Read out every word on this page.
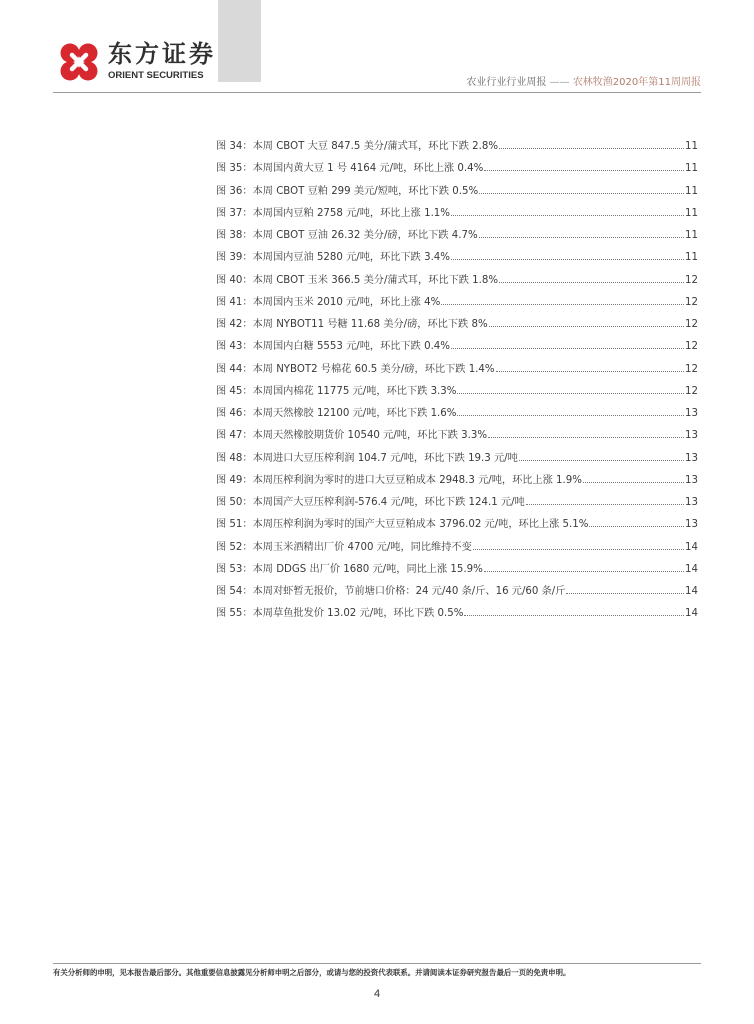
东方证券
ORIENT SECURITIES
农业行业行业周报 —— 农林牧渔2020年第11周周报
图 34：本周 CBOT 大豆 847.5 美分/蒲式耳，环比下跌 2.8%	11
图 35：本周国内黄大豆 1 号 4164 元/吨，环比上涨 0.4%	11
图 36：本周 CBOT 豆粕 299 美元/短吨，环比下跌 0.5%	11
图 37：本周国内豆粕 2758 元/吨，环比上涨 1.1%	11
图 38：本周 CBOT 豆油 26.32 美分/磅，环比下跌 4.7%	11
图 39：本周国内豆油 5280 元/吨，环比下跌 3.4%	11
图 40：本周 CBOT 玉米 366.5 美分/蒲式耳，环比下跌 1.8%	12
图 41：本周国内玉米 2010 元/吨，环比上涨 4%	12
图 42：本周 NYBOT11 号糖 11.68 美分/磅，环比下跌 8%	12
图 43：本周国内白糖 5553 元/吨，环比下跌 0.4%	12
图 44：本周 NYBOT2 号棉花 60.5 美分/磅，环比下跌 1.4%	12
图 45：本周国内棉花 11775 元/吨，环比下跌 3.3%	12
图 46：本周天然橡胶 12100 元/吨，环比下跌 1.6%	13
图 47：本周天然橡胶期货价 10540 元/吨，环比下跌 3.3%	13
图 48：本周进口大豆压榨利润 104.7 元/吨，环比下跌 19.3 元/吨	13
图 49：本周压榨利润为零时的进口大豆豆粕成本 2948.3 元/吨，环比上涨 1.9%	13
图 50：本周国产大豆压榨利润-576.4 元/吨，环比下跌 124.1 元/吨	13
图 51：本周压榨利润为零时的国产大豆豆粕成本 3796.02 元/吨，环比上涨 5.1%	13
图 52：本周玉米酒精出厂价 4700 元/吨，同比维持不变	14
图 53：本周 DDGS 出厂价 1680 元/吨，同比上涨 15.9%	14
图 54：本周对虾暂无报价，节前塘口价格：24 元/40 条/斤、16 元/60 条/斤	14
图 55：本周草鱼批发价 13.02 元/吨，环比下跌 0.5%	14
有关分析师的申明，见本报告最后部分。其他重要信息披露见分析师申明之后部分，或请与您的投资代表联系。并请阅读本证券研究报告最后一页的免责申明。
4
